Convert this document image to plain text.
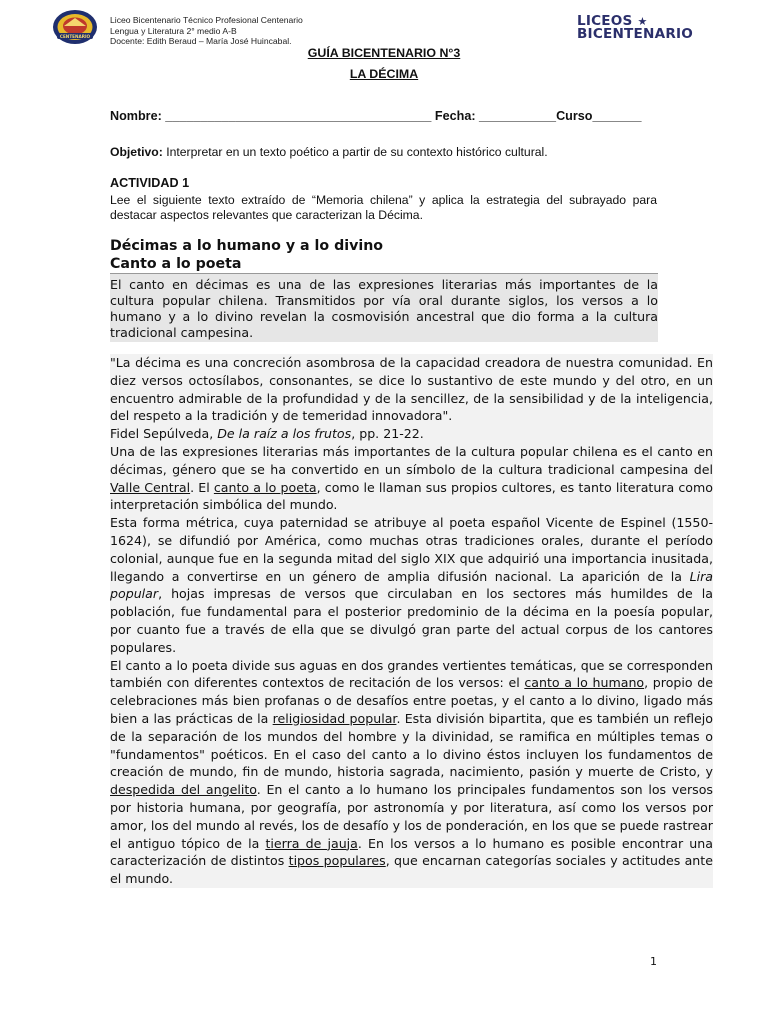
CENTENARIO
Liceo Bicentenario Técnico Profesional Centenario
Lengua y Literatura 2° medio A-B
Docente: Edith Beraud – María José Huincabal.
LICEOS ★
BICENTENARIO
GUÍA BICENTENARIO N°3
LA DÉCIMA
Nombre: ______________________________________ Fecha: ___________Curso_______
Objetivo: Interpretar en un texto poético a partir de su contexto histórico cultural.
ACTIVIDAD 1
Lee el siguiente texto extraído de “Memoria chilena” y aplica la estrategia del subrayado para destacar aspectos relevantes que caracterizan la Décima.
Décimas a lo humano y a lo divino
Canto a lo poeta
El canto en décimas es una de las expresiones literarias más importantes de la cultura popular chilena. Transmitidos por vía oral durante siglos, los versos a lo humano y a lo divino revelan la cosmovisión ancestral que dio forma a la cultura tradicional campesina.

"La décima es una concreción asombrosa de la capacidad creadora de nuestra comunidad. En diez versos octosílabos, consonantes, se dice lo sustantivo de este mundo y del otro, en un encuentro admirable de la profundidad y de la sencillez, de la sensibilidad y de la inteligencia, del respeto a la tradición y de temeridad innovadora".

Fidel Sepúlveda, De la raíz a los frutos, pp. 21-22.

Una de las expresiones literarias más importantes de la cultura popular chilena es el canto en décimas, género que se ha convertido en un símbolo de la cultura tradicional campesina del Valle Central. El canto a lo poeta, como le llaman sus propios cultores, es tanto literatura como interpretación simbólica del mundo.

Esta forma métrica, cuya paternidad se atribuye al poeta español Vicente de Espinel (1550-1624), se difundió por América, como muchas otras tradiciones orales, durante el período colonial, aunque fue en la segunda mitad del siglo XIX que adquirió una importancia inusitada, llegando a convertirse en un género de amplia difusión nacional. La aparición de la Lira popular, hojas impresas de versos que circulaban en los sectores más humildes de la población, fue fundamental para el posterior predominio de la décima en la poesía popular, por cuanto fue a través de ella que se divulgó gran parte del actual corpus de los cantores populares.

El canto a lo poeta divide sus aguas en dos grandes vertientes temáticas, que se corresponden también con diferentes contextos de recitación de los versos: el canto a lo humano, propio de celebraciones más bien profanas o de desafíos entre poetas, y el canto a lo divino, ligado más bien a las prácticas de la religiosidad popular. Esta división bipartita, que es también un reflejo de la separación de los mundos del hombre y la divinidad, se ramifica en múltiples temas o "fundamentos" poéticos. En el caso del canto a lo divino éstos incluyen los fundamentos de creación de mundo, fin de mundo, historia sagrada, nacimiento, pasión y muerte de Cristo, y despedida del angelito. En el canto a lo humano los principales fundamentos son los versos por historia humana, por geografía, por astronomía y por literatura, así como los versos por amor, los del mundo al revés, los de desafío y los de ponderación, en los que se puede rastrear el antiguo tópico de la tierra de jauja. En los versos a lo humano es posible encontrar una caracterización de distintos tipos populares, que encarnan categorías sociales y actitudes ante el mundo.

1
